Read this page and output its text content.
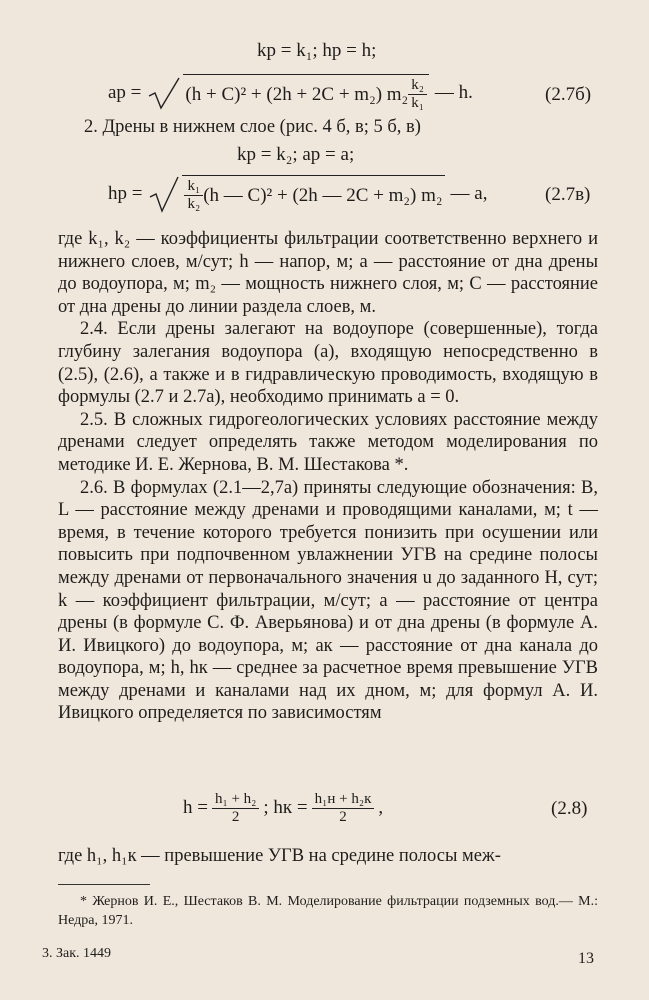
kр = k₁; hр = h;
aр = (h + C)² + (2h + 2C + m₂) $m_2 \frac{\text{k₂}}{\text{k₁}}$ — h.	(2.7б)
2. Дрены в нижнем слое (рис. 4 б, в; 5 б, в)
kр = k₂; aр = a;
hр =	$\frac{\text{k₁}}{\text{k₂}} (h$ — C)² + (2h — 2C + m₂) m₂ — a,	(2.7в)

где k₁, k₂ — коэффициенты фильтрации соответственно верхнего и нижнего слоев, м/сут; h — напор, м; a — расстояние от дна дрены до водоупора, м; m₂ — мощность нижнего слоя, м; C — расстояние от дна дрены до линии раздела слоев, м.

2.4. Если дрены залегают на водоупоре (совершенные), тогда глубину залегания водоупора (a), входящую непосредственно в (2.5), (2.6), а также и в гидравлическую проводимость, входящую в формулы (2.7 и 2.7а), необходимо принимать a = 0.

2.5. В сложных гидрогеологических условиях расстояние между дренами следует определять также методом моделирования по методике И. Е. Жернова, В. М. Шестакова *.

2.6. В формулах (2.1—2,7а) приняты следующие обозначения: B, L — расстояние между дренами и проводящими каналами, м; t — время, в течение которого требуется понизить при осушении или повысить при подпочвенном увлажнении УГВ на средине полосы между дренами от первоначального значения u до заданного H, сут; k — коэффициент фильтрации, м/сут; a — расстояние от центра дрены (в формуле С. Ф. Аверьянова) и от дна дрены (в формуле А. И. Ивицкого) до водоупора, м; aк — расстояние от дна канала до водоупора, м; h, hк — среднее за расчетное время превышение УГВ между дренами и каналами над их дном, м; для формул А. И. Ивицкого определяется по зависимостям

$h = \frac{\text{h₁ + h₂}}{2}$ ; hк = $\frac{\text{h₁н + h₂к}}{2}$ ,	(2.8)
где h₁, h₁к — превышение УГВ на средине полосы меж-

* Жернов И. Е., Шестаков В. М. Моделирование фильтрации подземных вод.— М.: Недра, 1971.

3. Зак. 1449	13
